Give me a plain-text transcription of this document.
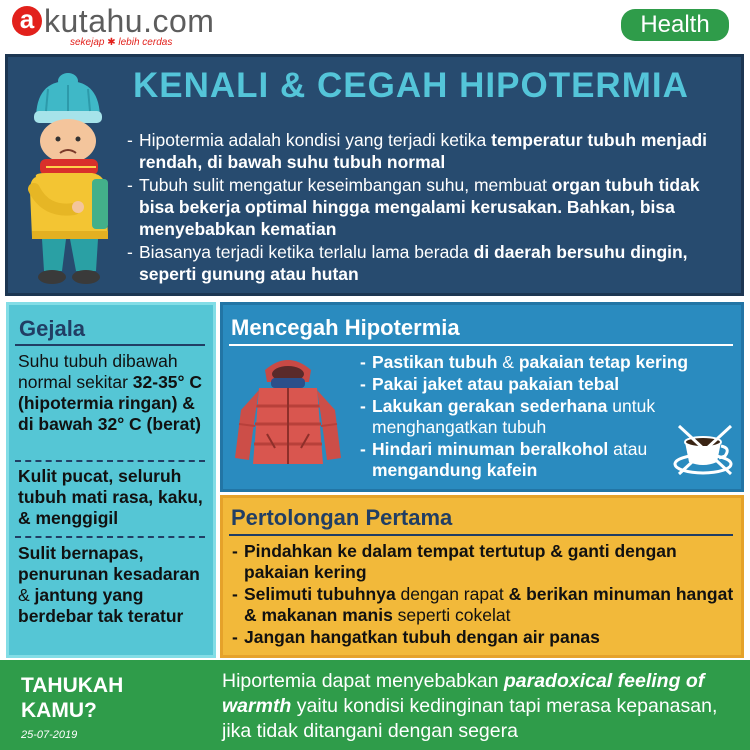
a kutahu.com
sekejap ✱ lebih cerdas
Health
KENALI & CEGAH HIPOTERMIA
- Hipotermia adalah kondisi yang terjadi ketika temperatur tubuh menjadi rendah, di bawah suhu tubuh normal
- Tubuh sulit mengatur keseimbangan suhu, membuat organ tubuh tidak bisa bekerja optimal hingga mengalami kerusakan. Bahkan, bisa menyebabkan kematian
- Biasanya terjadi ketika terlalu lama berada di daerah bersuhu dingin, seperti gunung atau hutan
Gejala
Suhu tubuh dibawah normal sekitar 32-35° C (hipotermia ringan) & di bawah 32° C (berat)
Kulit pucat, seluruh tubuh mati rasa, kaku, & menggigil
Sulit bernapas, penurunan kesadaran & jantung yang berdebar tak teratur
Mencegah Hipotermia
- Pastikan tubuh & pakaian tetap kering
- Pakai jaket atau pakaian tebal
- Lakukan gerakan sederhana untuk menghangatkan tubuh
- Hindari minuman beralkohol atau mengandung kafein
Pertolongan Pertama
- Pindahkan ke dalam tempat tertutup & ganti dengan pakaian kering
- Selimuti tubuhnya dengan rapat & berikan minuman hangat & makanan manis seperti cokelat
- Jangan hangatkan tubuh dengan air panas
TAHUKAH KAMU?
25-07-2019
Hiportemia dapat menyebabkan paradoxical feeling of warmth yaitu kondisi kedinginan tapi merasa kepanasan, jika tidak ditangani dengan segera
